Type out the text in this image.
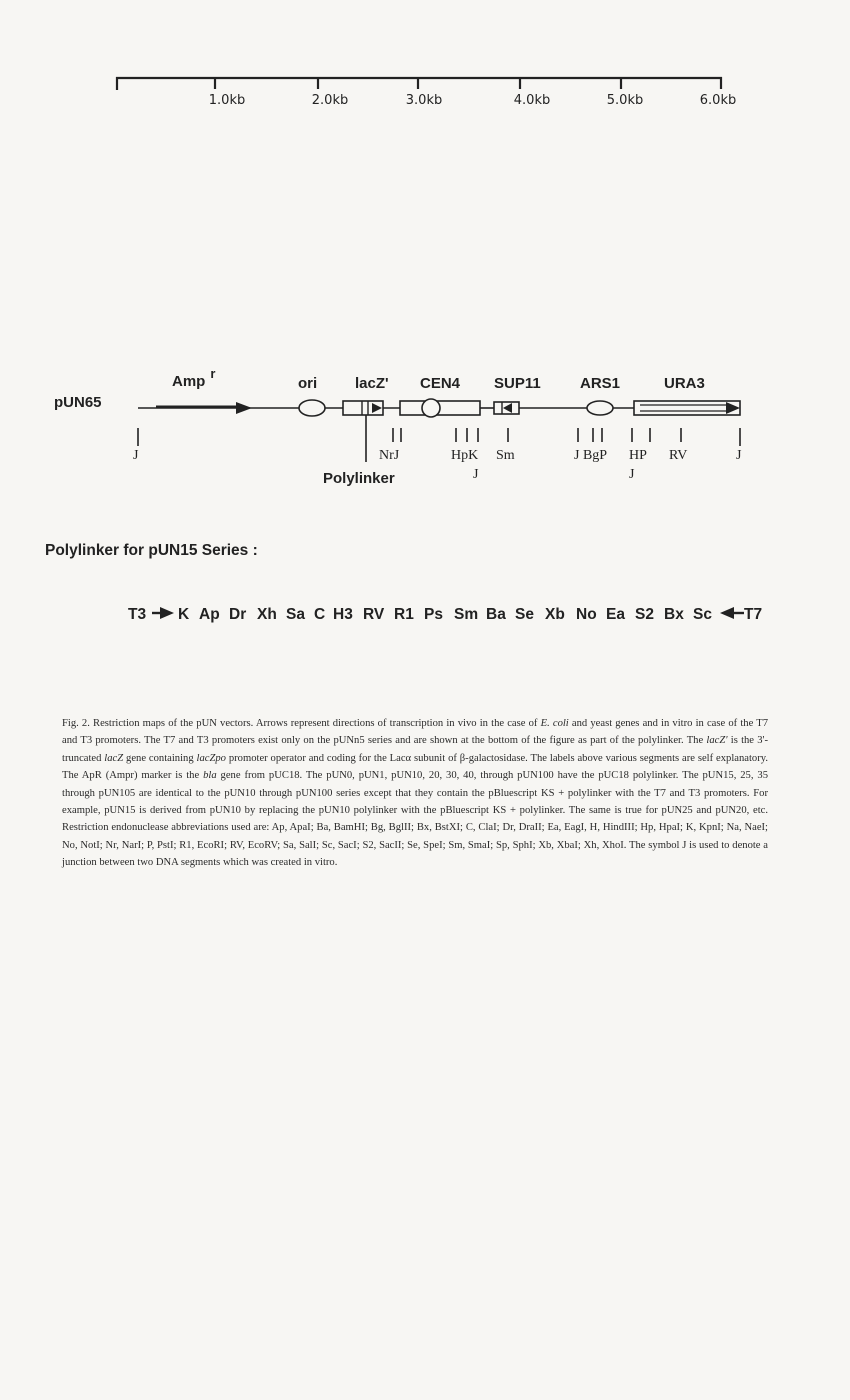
1.0kb	2.0kb	3.0kb	4.0kb	5.0kb	6.0kb
Amp r
ori	lacZ' CEN4 SUP11	ARS1	URA3
pUN65
J	NrJ	HpK
J
Sm	J BgP HP RV
J
J
Polylinker
Polylinker for pUN15 Series :
T3 K Ap Dr Xh Sa C H3 RV R1 Ps Sm Ba Se Xb No Ea S2 Bx Sc T7
Fig. 2. Restriction maps of the pUN vectors. Arrows represent directions of transcription in vivo in the case of E. coli and yeast genes and in vitro in case of the T7 and T3 promoters. The T7 and T3 promoters exist only on the pUNn5 series and are shown at the bottom of the figure as part of the polylinker. The lacZ' is the 3'-truncated lacZ gene containing lacZpo promoter operator and coding for the Lacα subunit of β-galactosidase. The labels above various segments are self explanatory. The ApR (Ampr) marker is the bla gene from pUC18. The pUN0, pUN1, pUN10, 20, 30, 40, through pUN100 have the pUC18 polylinker. The pUN15, 25, 35 through pUN105 are identical to the pUN10 through pUN100 series except that they contain the pBluescript KS + polylinker with the T7 and T3 promoters. For example, pUN15 is derived from pUN10 by replacing the pUN10 polylinker with the pBluescript KS + polylinker. The same is true for pUN25 and pUN20, etc. Restriction endonuclease abbreviations used are: Ap, ApaI; Ba, BamHI; Bg, BglII; Bx, BstXI; C, ClaI; Dr, DraII; Ea, EagI, H, HindIII; Hp, HpaI; K, KpnI; Na, NaeI; No, NotI; Nr, NarI; P, PstI; R1, EcoRI; RV, EcoRV; Sa, SalI; Sc, SacI; S2, SacII; Se, SpeI; Sm, SmaI; Sp, SphI; Xb, XbaI; Xh, XhoI. The symbol J is used to denote a junction between two DNA segments which was created in vitro.
